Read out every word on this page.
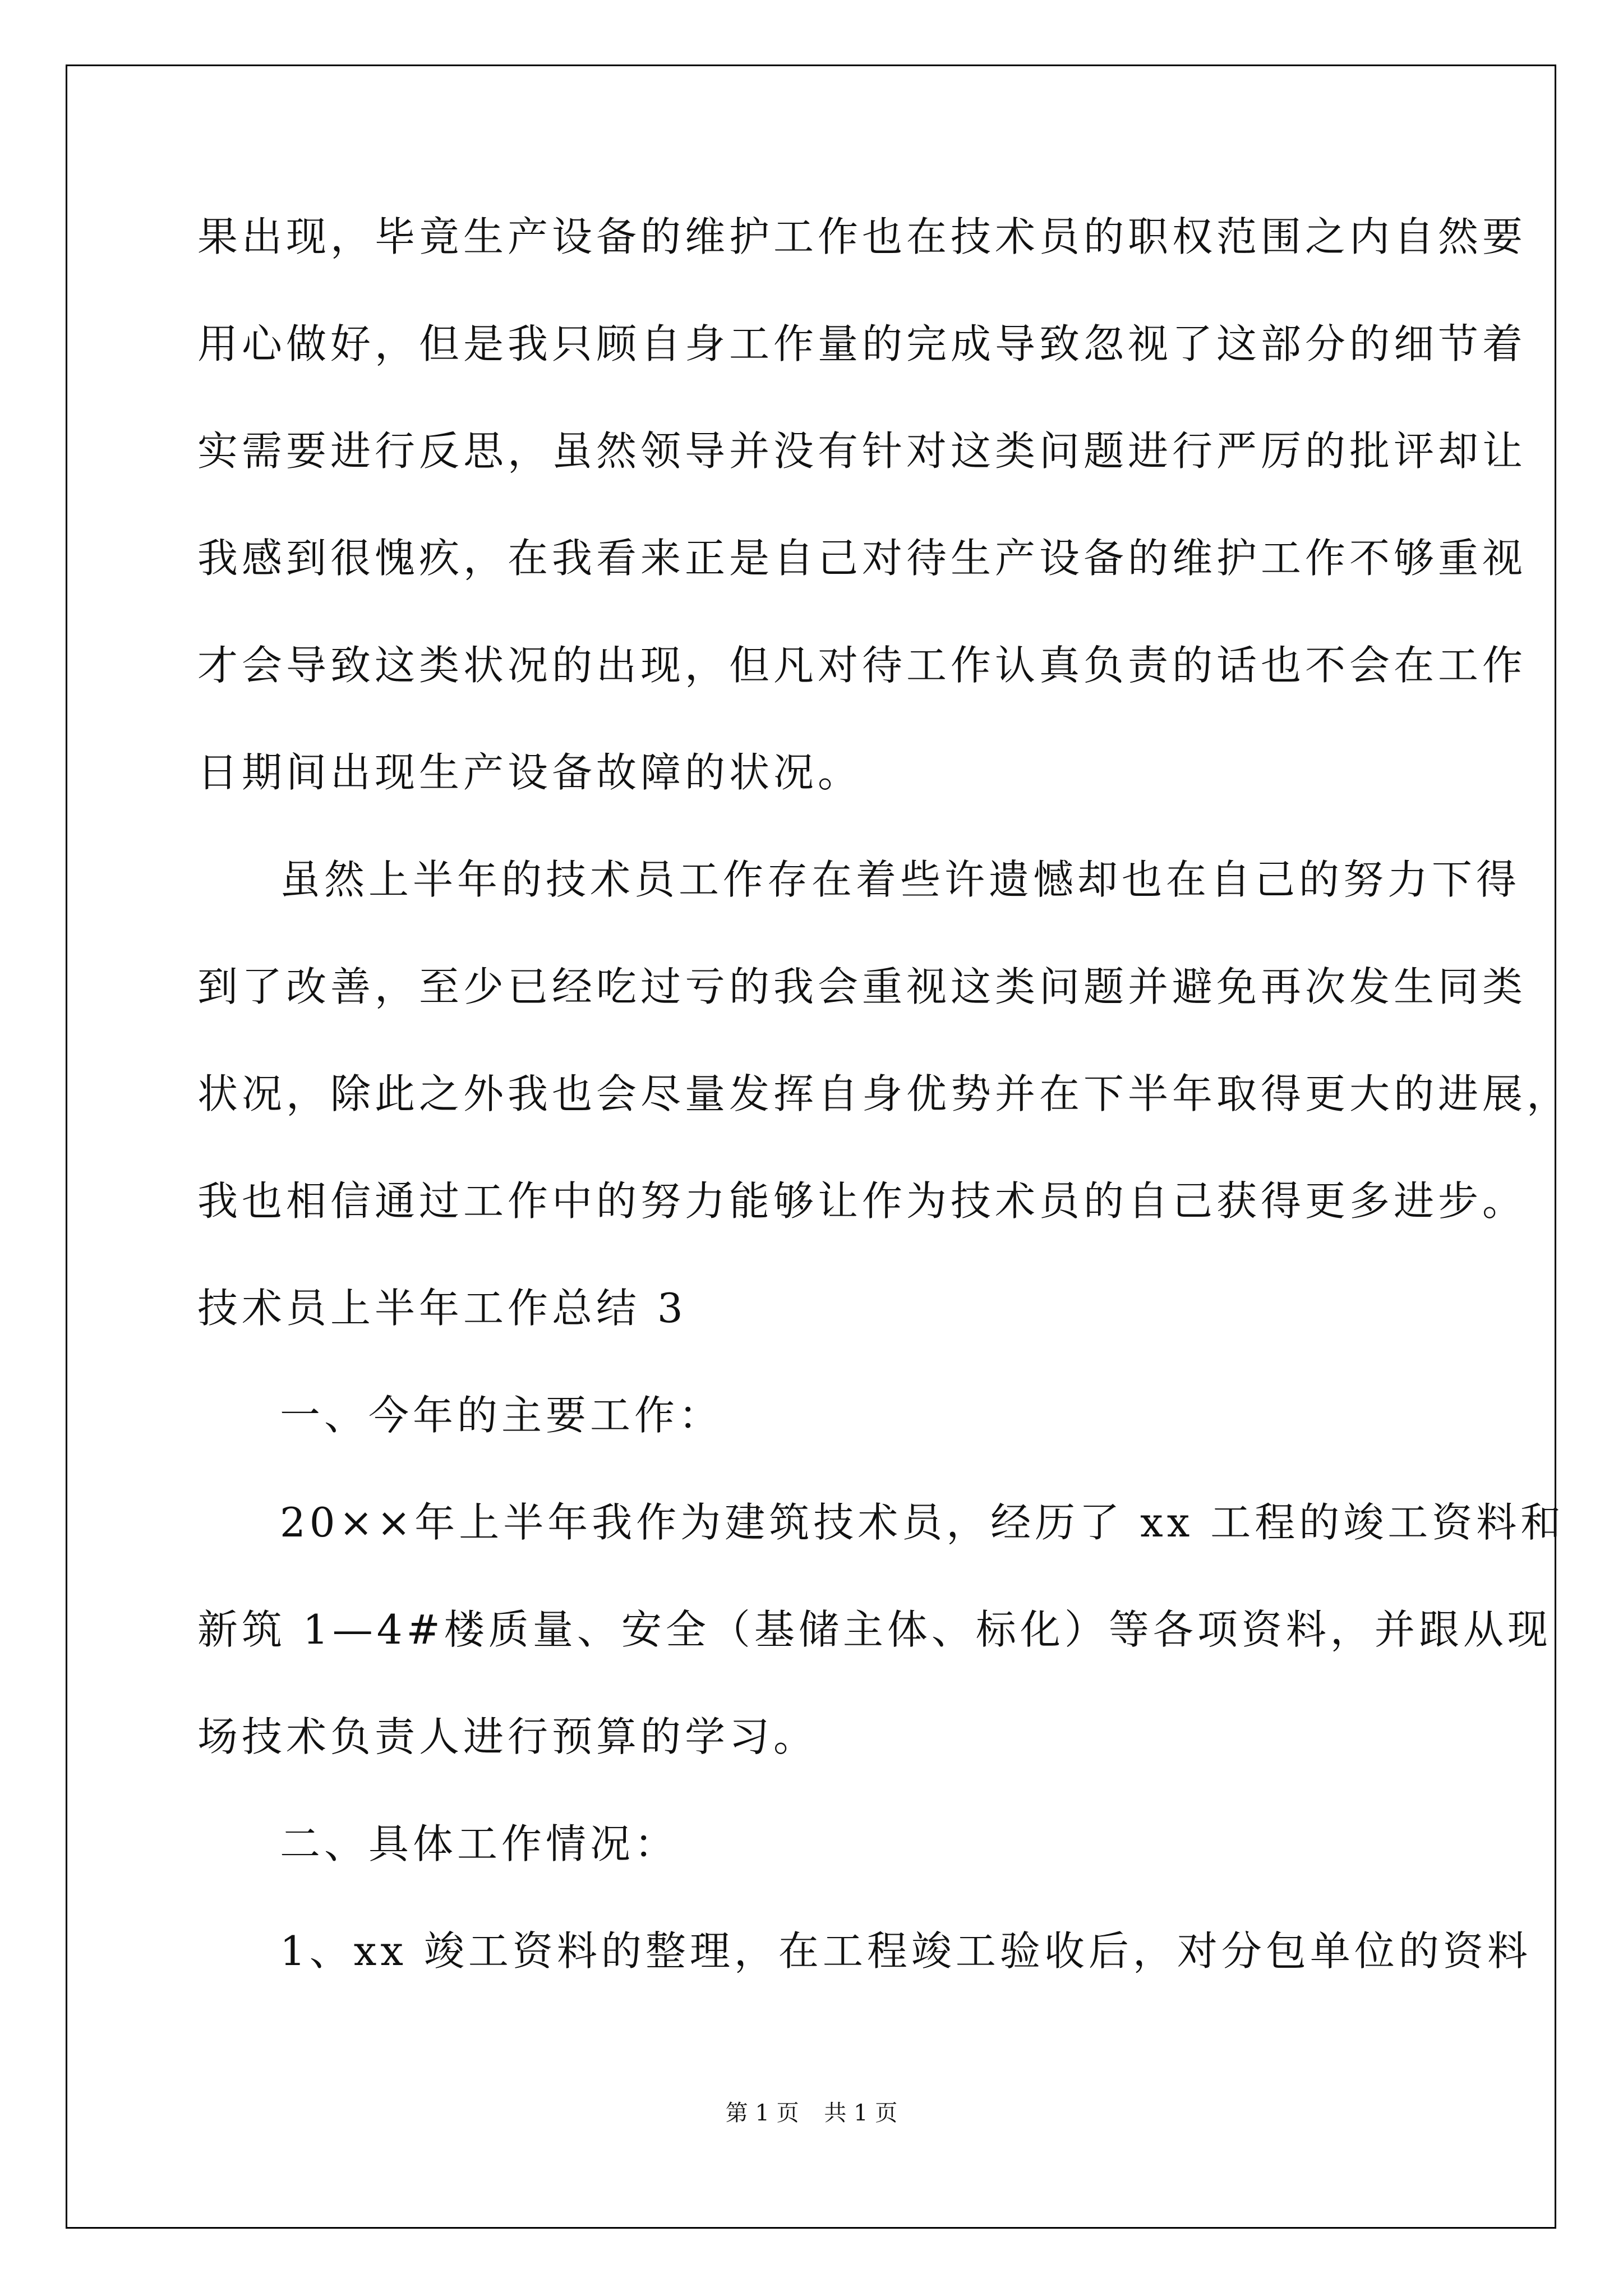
果出现，毕竟生产设备的维护工作也在技术员的职权范围之内自然要
用心做好，但是我只顾自身工作量的完成导致忽视了这部分的细节着
实需要进行反思，虽然领导并没有针对这类问题进行严厉的批评却让
我感到很愧疚，在我看来正是自己对待生产设备的维护工作不够重视
才会导致这类状况的出现，但凡对待工作认真负责的话也不会在工作
日期间出现生产设备故障的状况。
虽然上半年的技术员工作存在着些许遗憾却也在自己的努力下得
到了改善，至少已经吃过亏的我会重视这类问题并避免再次发生同类
状况，除此之外我也会尽量发挥自身优势并在下半年取得更大的进展，
我也相信通过工作中的努力能够让作为技术员的自己获得更多进步。
技术员上半年工作总结 3
一、今年的主要工作：
20××年上半年我作为建筑技术员，经历了 xx 工程的竣工资料和
新筑 1—4#楼质量、安全（基储主体、标化）等各项资料，并跟从现
场技术负责人进行预算的学习。
二、具体工作情况：
1、xx 竣工资料的整理，在工程竣工验收后，对分包单位的资料
第 1 页 共 1 页
